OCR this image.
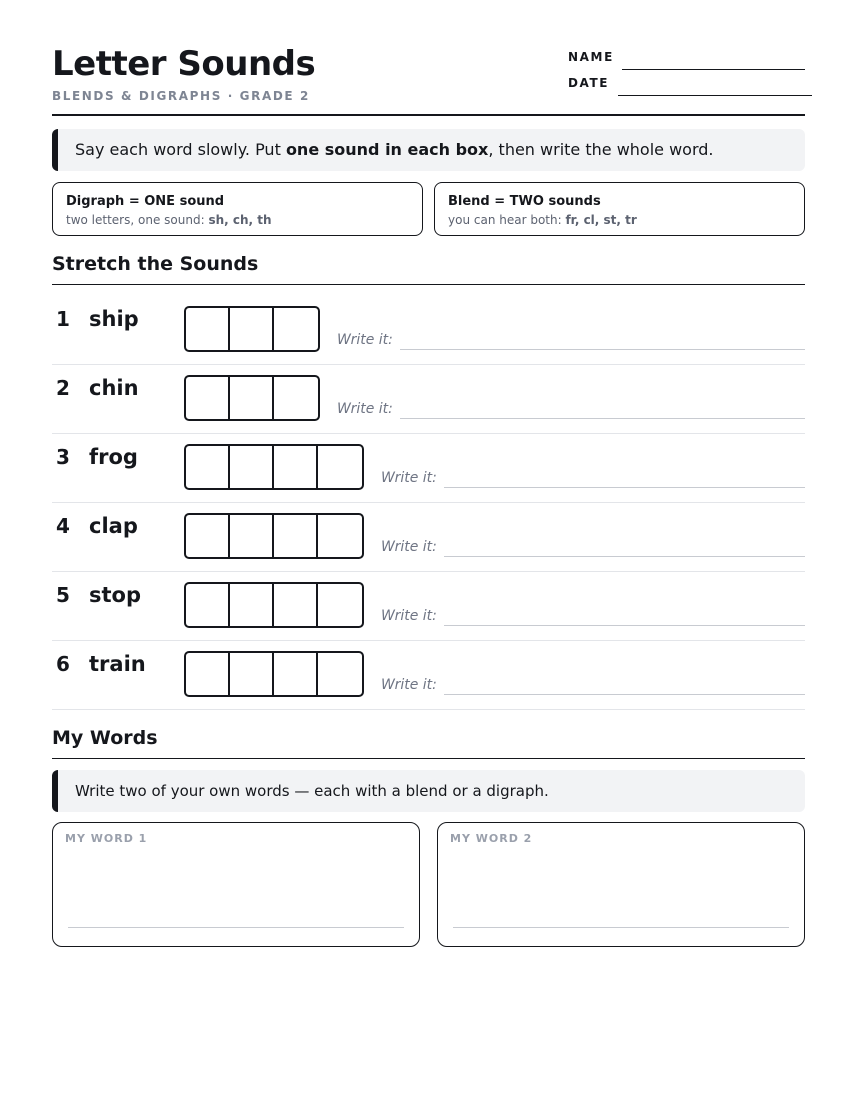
Letter Sounds
BLENDS & DIGRAPHS · GRADE 2
NAME
DATE
Say each word slowly. Put one sound in each box, then write the whole word.
Digraph = ONE sound
two letters, one sound: sh, ch, th
Blend = TWO sounds
you can hear both: fr, cl, st, tr
Stretch the Sounds
1 ship
Write it:
2 chin
Write it:
3 frog
Write it:
4 clap
Write it:
5 stop
Write it:
6 train
Write it:
My Words
Write two of your own words — each with a blend or a digraph.
MY WORD 1	MY WORD 2
